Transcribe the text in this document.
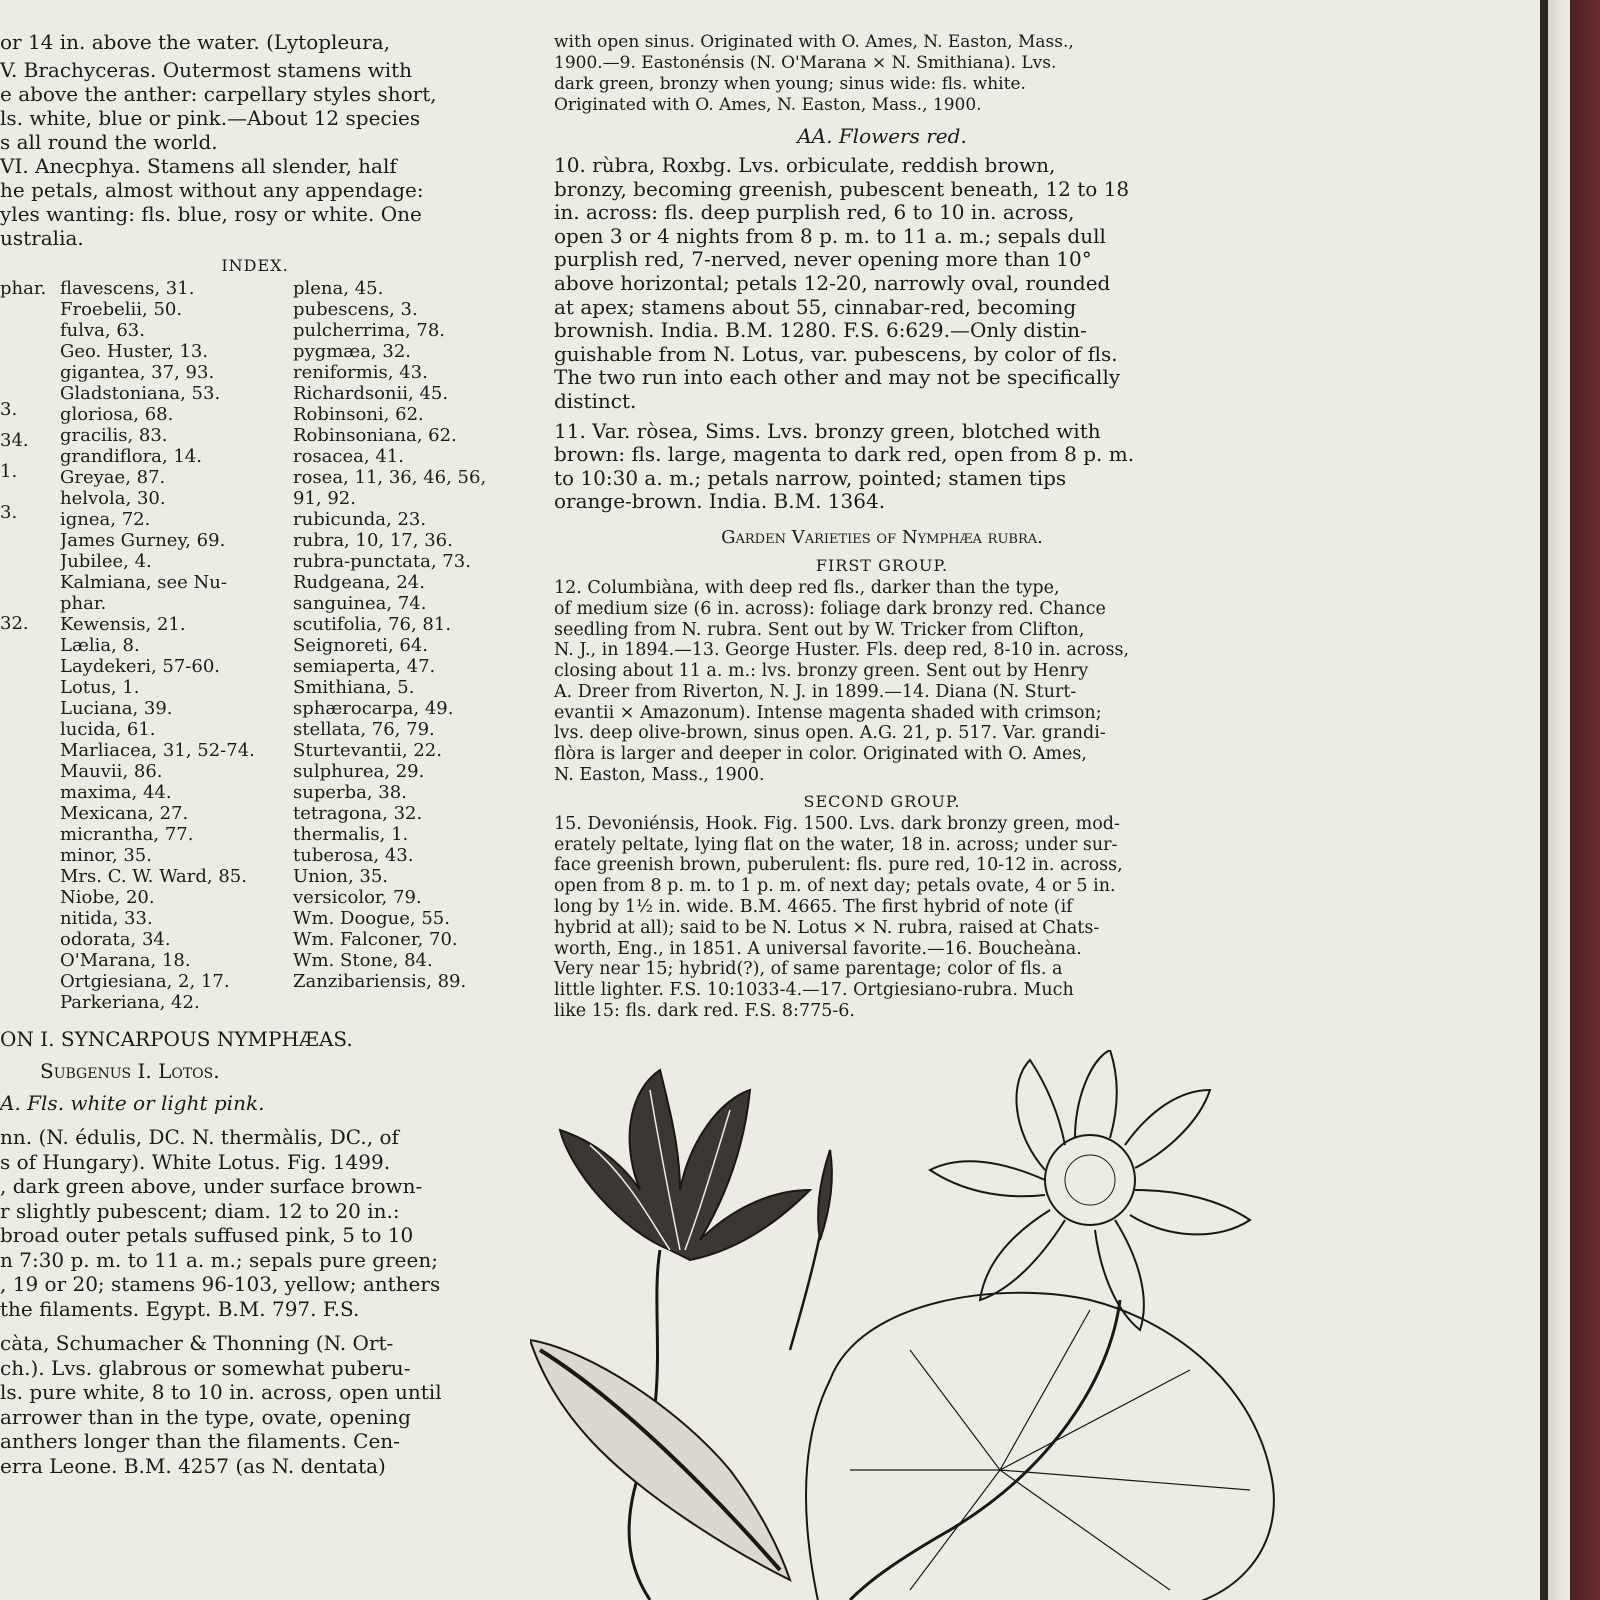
or 14 in. above the water. (Lytopleura,
V. Brachyceras. Outermost stamens with
e above the anther: carpellary styles short,
ls. white, blue or pink.—About 12 species
s all round the world.
VI. Anecphya. Stamens all slender, half
he petals, almost without any appendage:
yles wanting: fls. blue, rosy or white. One
ustralia.
INDEX.
phar.
3.
34.
1.
3.
32.
flavescens, 31.
Froebelii, 50.
fulva, 63.
Geo. Huster, 13.
gigantea, 37, 93.
Gladstoniana, 53.
gloriosa, 68.
gracilis, 83.
grandiflora, 14.
Greyae, 87.
helvola, 30.
ignea, 72.
James Gurney, 69.
Jubilee, 4.
Kalmiana, see Nu-
phar.
Kewensis, 21.
Lælia, 8.
Laydekeri, 57-60.
Lotus, 1.
Luciana, 39.
lucida, 61.
Marliacea, 31, 52-74.
Mauvii, 86.
maxima, 44.
Mexicana, 27.
micrantha, 77.
minor, 35.
Mrs. C. W. Ward, 85.
Niobe, 20.
nitida, 33.
odorata, 34.
O'Marana, 18.
Ortgiesiana, 2, 17.
Parkeriana, 42.
plena, 45.
pubescens, 3.
pulcherrima, 78.
pygmæa, 32.
reniformis, 43.
Richardsonii, 45.
Robinsoni, 62.
Robinsoniana, 62.
rosacea, 41.
rosea, 11, 36, 46, 56,
91, 92.
rubicunda, 23.
rubra, 10, 17, 36.
rubra-punctata, 73.
Rudgeana, 24.
sanguinea, 74.
scutifolia, 76, 81.
Seignoreti, 64.
semiaperta, 47.
Smithiana, 5.
sphærocarpa, 49.
stellata, 76, 79.
Sturtevantii, 22.
sulphurea, 29.
superba, 38.
tetragona, 32.
thermalis, 1.
tuberosa, 43.
Union, 35.
versicolor, 79.
Wm. Doogue, 55.
Wm. Falconer, 70.
Wm. Stone, 84.
Zanzibariensis, 89.
ON I. SYNCARPOUS NYMPHÆAS.
Subgenus I. Lotos.
A. Fls. white or light pink.
nn. (N. édulis, DC. N. thermàlis, DC., of
s of Hungary). White Lotus. Fig. 1499.
, dark green above, under surface brown-
r slightly pubescent; diam. 12 to 20 in.:
broad outer petals suffused pink, 5 to 10
n 7:30 p. m. to 11 a. m.; sepals pure green;
, 19 or 20; stamens 96-103, yellow; anthers
the filaments. Egypt. B.M. 797. F.S.
càta, Schumacher & Thonning (N. Ort-
ch.). Lvs. glabrous or somewhat puberu-
ls. pure white, 8 to 10 in. across, open until
arrower than in the type, ovate, opening
anthers longer than the filaments. Cen-
erra Leone. B.M. 4257 (as N. dentata)
with open sinus. Originated with O. Ames, N. Easton, Mass.,
1900.—9. Eastonénsis (N. O'Marana × N. Smithiana). Lvs.
dark green, bronzy when young; sinus wide: fls. white.
Originated with O. Ames, N. Easton, Mass., 1900.
AA. Flowers red.
10. rùbra, Roxbg. Lvs. orbiculate, reddish brown,
bronzy, becoming greenish, pubescent beneath, 12 to 18
in. across: fls. deep purplish red, 6 to 10 in. across,
open 3 or 4 nights from 8 p. m. to 11 a. m.; sepals dull
purplish red, 7-nerved, never opening more than 10°
above horizontal; petals 12-20, narrowly oval, rounded
at apex; stamens about 55, cinnabar-red, becoming
brownish. India. B.M. 1280. F.S. 6:629.—Only distin-
guishable from N. Lotus, var. pubescens, by color of fls.
The two run into each other and may not be specifically
distinct.
11. Var. ròsea, Sims. Lvs. bronzy green, blotched with
brown: fls. large, magenta to dark red, open from 8 p. m.
to 10:30 a. m.; petals narrow, pointed; stamen tips
orange-brown. India. B.M. 1364.
Garden Varieties of Nymphæa rubra.
FIRST GROUP.
12. Columbiàna, with deep red fls., darker than the type,
of medium size (6 in. across): foliage dark bronzy red. Chance
seedling from N. rubra. Sent out by W. Tricker from Clifton,
N. J., in 1894.—13. George Huster. Fls. deep red, 8-10 in. across,
closing about 11 a. m.: lvs. bronzy green. Sent out by Henry
A. Dreer from Riverton, N. J. in 1899.—14. Diana (N. Sturt-
evantii × Amazonum). Intense magenta shaded with crimson;
lvs. deep olive-brown, sinus open. A.G. 21, p. 517. Var. grandi-
flòra is larger and deeper in color. Originated with O. Ames,
N. Easton, Mass., 1900.
SECOND GROUP.
15. Devoniénsis, Hook. Fig. 1500. Lvs. dark bronzy green, mod-
erately peltate, lying flat on the water, 18 in. across; under sur-
face greenish brown, puberulent: fls. pure red, 10-12 in. across,
open from 8 p. m. to 1 p. m. of next day; petals ovate, 4 or 5 in.
long by 1½ in. wide. B.M. 4665. The first hybrid of note (if
hybrid at all); said to be N. Lotus × N. rubra, raised at Chats-
worth, Eng., in 1851. A universal favorite.—16. Boucheàna.
Very near 15; hybrid(?), of same parentage; color of fls. a
little lighter. F.S. 10:1033-4.—17. Ortgiesiano-rubra. Much
like 15: fls. dark red. F.S. 8:775-6.
